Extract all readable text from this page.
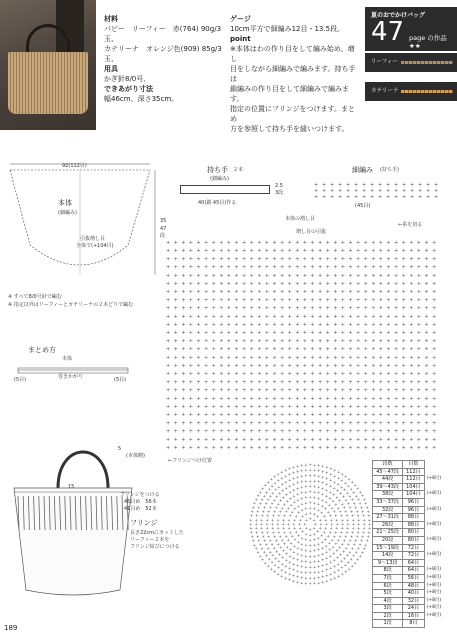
材料
パピー　リーフィー　赤(764) 90g/3玉、
カテリーナ　オレンジ色(909) 85g/3玉、
用具
かぎ針8/0号、
できあがり寸法
幅46cm、深さ35cm。
ゲージ
10cm平方で細編み12目・13.5段。
point
※本体はわの作り目をして編み始め、増し
目をしながら細編みで編みます。持ち手は
鎖編みの作り目をして細編みで編みます。
指定の位置にフリンジをつけます。まとめ
方を参照して持ち手を縫いつけます。
夏のおでかけバッグ
47 page の作品 ★★
リーフィー
カテリーナ
92(112目)
本体
(細編み)
引抜増し目
全体で(+104目)
35
47
段
※ すべて8/0号針で編む
※ 指定以外はリーフィーとカテリーナの２本どりで編む
持ち手 ２本
(細編み)
40(鎖 45目)作る
2.5
3段
細編み (持ち手)
+ + + + + + + + + + + + + + + +
+ + + + + + + + + + + + + + + +
+ + + + + + + + + + + + + + + +
(45目)
本体の増し目
増し目の引抜
←糸を切る
+ + + + + + + + + + + + + + + + + + + + + + + + + + + + + + + + + + + +
+ + + + + + + + + + + + + + + + + + + + + + + + + + + + + + + + + + + +
+ + + + + + + + + + + + + + + + + + + + + + + + + + + + + + + + + + + +
+ + + + + + + + + + + + + + + + + + + + + + + + + + + + + + + + + + + +
+ + + + + + + + + + + + + + + + + + + + + + + + + + + + + + + + + + + +
+ + + + + + + + + + + + + + + + + + + + + + + + + + + + + + + + + + + +
+ + + + + + + + + + + + + + + + + + + + + + + + + + + + + + + + + + + +
+ + + + + + + + + + + + + + + + + + + + + + + + + + + + + + + + + + + +
+ + + + + + + + + + + + + + + + + + + + + + + + + + + + + + + + + + + +
+ + + + + + + + + + + + + + + + + + + + + + + + + + + + + + + + + + + +
+ + + + + + + + + + + + + + + + + + + + + + + + + + + + + + + + + + + +
+ + + + + + + + + + + + + + + + + + + + + + + + + + + + + + + + + + + +
+ + + + + + + + + + + + + + + + + + + + + + + + + + + + + + + + + + + +
+ + + + + + + + + + + + + + + + + + + + + + + + + + + + + + + + + + + +
+ + + + + + + + + + + + + + + + + + + + + + + + + + + + + + + + + + + +
+ + + + + + + + + + + + + + + + + + + + + + + + + + + + + + + + + + + +
+ + + + + + + + + + + + + + + + + + + + + + + + + + + + + + + + + + + +
+ + + + + + + + + + + + + + + + + + + + + + + + + + + + + + + + + + + +
+ + + + + + + + + + + + + + + + + + + + + + + + + + + + + + + + + + + +
+ + + + + + + + + + + + + + + + + + + + + + + + + + + + + + + + + + + +
+ + + + + + + + + + + + + + + + + + + + + + + + + + + + + + + + + + + +
+ + + + + + + + + + + + + + + + + + + + + + + + + + + + + + + + + + + +
+ + + + + + + + + + + + + + + + + + + + + + + + + + + + + + + + + + + +
+ + + + + + + + + + + + + + + + + + + + + + + + + + + + + + + + + + + +
+ + + + + + + + + + + + + + + + + + + + + + + + + + + + + + + + + + + +
+ + + + + + + + + + + + + + + + + + + + + + + + + + + + + + + + + + + +
まとめ方
本体
(5目)	(5目)
巻きかがり
15
5
(本体側)
←フリンジつけ位置
フリンジをつける
45目め　56本
41目め　52本
フリンジ
長さ22cmにカットした
リーフィー２本を
フリンジ結びにつける
+
+
+
+
+
+ + +
+
+
+
+
+
+
+
+
+
+
+ + + + +
+
+
+
+
+
+
+
+
+
+
+
+
+
+
+
+
+
+ + + + +
+
+
+
+
+
+
+
+
+
+
+
+
+
+
+
+
+
+
+
+
+
+
+
+
+ + + + + + +
+
+
+
+
+
+
+
+
+
+
+
+
+
+
+
+
+
+
+
+
+
+
+
+
+
+
+
+
+
+
+ + + + + + + + +
+
+
+
+
+
+
+
+
+
+
+
+
+
+
+
+
+
+
+
+
+
+
+
+
+
+
+
+
+
+
+
+
+
+
+
+
+ + + + + + + + + + +
+
+
+
+
+
+
+
+
+
+
+
+
+
+
+
+
+
+
+
+
+
+
+
+
+
+
+
+
+
+
+
+
+
+
+
+
+
+
+
+
+
+
+ + + + + + + + + + + + +
+
+
+
+
+
+
+
+
+
+
+
+
+
+
+
+
+
+
+
+
+
+
+
+
+
+
+
+
+
+
+
+
+
+
+
+
+
+
+
+
+
+
+
+
+
+
+
+
+
+ + + + + + + + + + + + +
+
+
+
+
+
+
+
+
+
+
+
+
+
+
+
+
+
+
+
+
+
+
+
+
+
+
+
+
+
+
+
+
+
+
+
+
+
+
+
+
+
+
+
+
+
+
+
+
+
+
+
+
+
+
+
+
+ + + + + + + + + + + + + + +
+
+
+
+
+
+
+
+
+
+
+
+
+
+
+
+
+
+
+
+
+
+
+
+
+
+
+
+
+
+
+
+
+
+
+
+
+
+
+
+
+
+
+
+
+
+
+
+
+
+
+
+
+
+
+
+
+
+
+
+
+
+
+ + + + + + + + + + + + + + + + +
+
+
+
+
+
+
+
+
+
+
+
+
+
+
+
+
+
+
+
+
+
+
+
+
+
+
+
+
+
+
+
+
+
+
+
+
+
+
+
+
+
+
+
+
+
+
+
+
+
+
+
+
+
+
+
+
+
+
+
+
+
+
+
+
+
+
+
+
+ + + + + + + + + + + + + + + + + + +
+
+
+
+
+
+
+
+
+
+
+
+
段数	目数	
45〜47段	112目	
44段	112目	(+8目)
39〜43段	104目	
38段	104目	(+8目)
33〜37段	96目	
32段	96目	(+8目)
27〜31段	88目	
26段	88目	(+8目)
21〜25段	80目	
20段	80目	(+8目)
15〜19段	72目	
14段	72目	(+8目)
9〜13段	64目	
8段	64目	(+8目)
7段	56目	(+8目)
6段	48目	(+8目)
5段	40目	(+8目)
4段	32目	(+8目)
3段	24目	(+8目)
2段	16目	(+8目)
1段	8目	
189
